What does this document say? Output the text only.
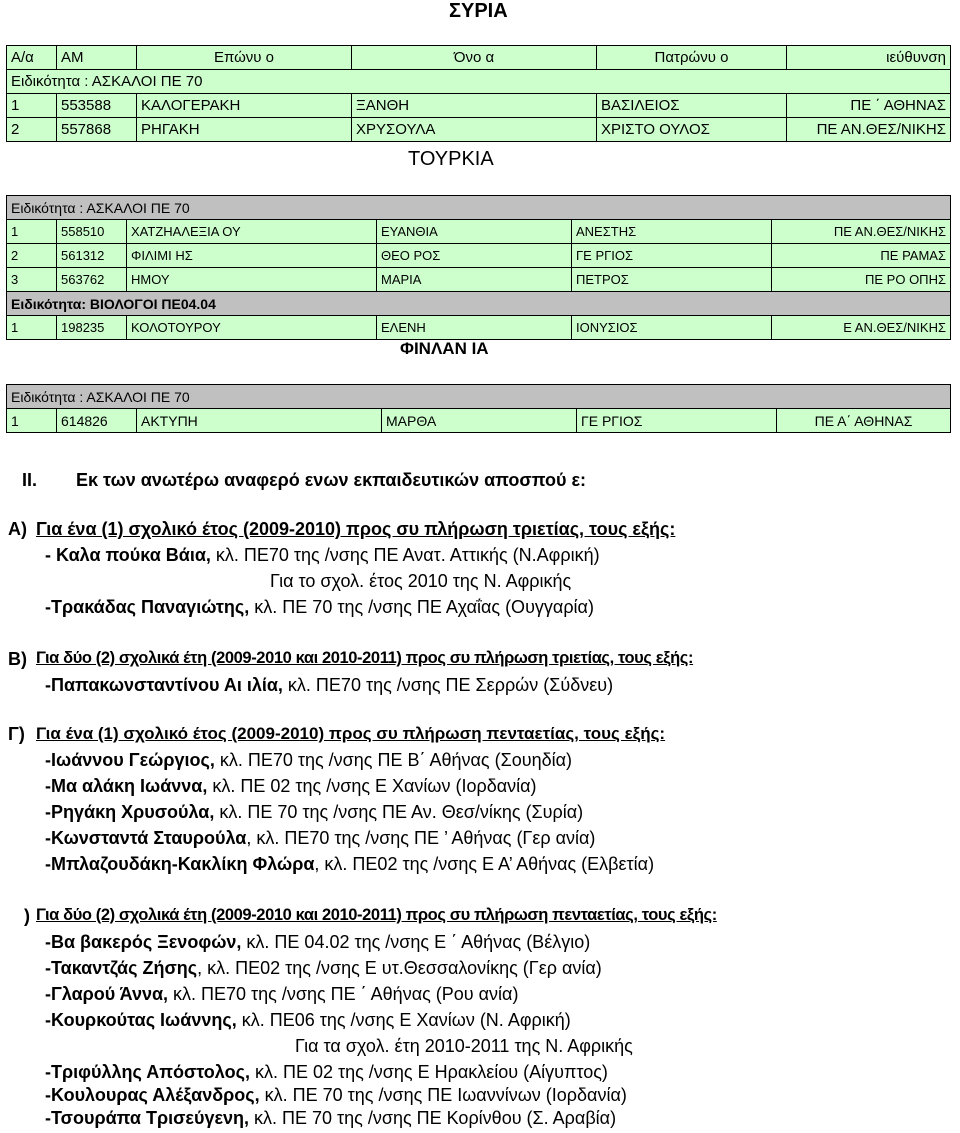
ΣΥΡΙΑ
Α/α	ΑΜ	Επώνυ ο	Όνο α	Πατρώνυ ο	ιεύθυνση
Ειδικότητα : ΑΣΚΑΛΟΙ ΠΕ 70					
1	553588	ΚΑΛΟΓΕΡΑΚΗ	ΞΑΝΘΗ	ΒΑΣΙΛΕΙΟΣ	ΠΕ ΄ ΑΘΗΝΑΣ
2	557868	ΡΗΓΑΚΗ	ΧΡΥΣΟΥΛΑ	ΧΡΙΣΤΟ ΟΥΛΟΣ	ΠΕ ΑΝ.ΘΕΣ/ΝΙΚΗΣ
ΤΟΥΡΚΙΑ
Ειδικότητα : ΑΣΚΑΛΟΙ ΠΕ 70					
1	558510	ΧΑΤΖΗΑΛΕΞΙΑ ΟΥ	ΕΥΑΝΘΙΑ	ΑΝΕΣΤΗΣ	ΠΕ ΑΝ.ΘΕΣ/ΝΙΚΗΣ
2	561312	ΦΙΛΙΜΙ ΗΣ	ΘΕΟ ΡΟΣ	ΓΕ ΡΓΙΟΣ	ΠΕ ΡΑΜΑΣ
3	563762	ΗΜΟΥ	ΜΑΡΙΑ	ΠΕΤΡΟΣ	ΠΕ ΡΟ ΟΠΗΣ
Ειδικότητα: ΒΙΟΛΟΓΟΙ ΠΕ04.04					
1	198235	ΚΟΛΟΤΟΥΡΟΥ	ΕΛΕΝΗ	ΙΟΝΥΣΙΟΣ	Ε ΑΝ.ΘΕΣ/ΝΙΚΗΣ
ΦΙΝΛΑΝ ΙΑ
Ειδικότητα : ΑΣΚΑΛΟΙ ΠΕ 70
1	614826	ΑΚΤΥΠΗ	ΜΑΡΘΑ	ΓΕ ΡΓΙΟΣ	ΠΕ Α΄ ΑΘΗΝΑΣ
ΙΙ. Εκ των ανωτέρω αναφερό ενων εκπαιδευτικών αποσπού ε:
Α) Για ένα (1) σχολικό έτος (2009-2010) προς συ πλήρωση τριετίας, τους εξής:
- Καλα πούκα Βάια, κλ. ΠΕ70 της /νσης ΠΕ Ανατ. Αττικής (Ν.Αφρική)
Για το σχολ. έτος 2010 της Ν. Αφρικής
-Τρακάδας Παναγιώτης, κλ. ΠΕ 70 της /νσης ΠΕ Αχαΐας (Ουγγαρία)
Β) Για δύο (2) σχολικά έτη (2009-2010 και 2010-2011) προς συ πλήρωση τριετίας, τους εξής:
-Παπακωνσταντίνου Αι ιλία, κλ. ΠΕ70 της /νσης ΠΕ Σερρών (Σύδνευ)
Γ) Για ένα (1) σχολικό έτος (2009-2010) προς συ πλήρωση πενταετίας, τους εξής:
-Ιωάννου Γεώργιος, κλ. ΠΕ70 της /νσης ΠΕ Β΄ Αθήνας (Σουηδία)
-Μα αλάκη Ιωάννα, κλ. ΠΕ 02 της /νσης Ε Χανίων (Ιορδανία)
-Ρηγάκη Χρυσούλα, κλ. ΠΕ 70 της /νσης ΠΕ Αν. Θεσ/νίκης (Συρία)
-Κωνσταντά Σταυρούλα, κλ. ΠΕ70 της /νσης ΠΕ ’ Αθήνας (Γερ ανία)
-Μπλαζουδάκη-Κακλίκη Φλώρα, κλ. ΠΕ02 της /νσης Ε Α’ Αθήνας (Ελβετία)
) Για δύο (2) σχολικά έτη (2009-2010 και 2010-2011) προς συ πλήρωση πενταετίας, τους εξής:
-Βα βακερός Ξενοφών, κλ. ΠΕ 04.02 της /νσης Ε ΄ Αθήνας (Βέλγιο)
-Τακαντζάς Ζήσης, κλ. ΠΕ02 της /νσης Ε υτ.Θεσσαλονίκης (Γερ ανία)
-Γλαρού Άννα, κλ. ΠΕ70 της /νσης ΠΕ ΄ Αθήνας (Ρου ανία)
-Κουρκούτας Ιωάννης, κλ. ΠΕ06 της /νσης Ε Χανίων (Ν. Αφρική)
Για τα σχολ. έτη 2010-2011 της Ν. Αφρικής
-Τριφύλλης Απόστολος, κλ. ΠΕ 02 της /νσης Ε Ηρακλείου (Αίγυπτος)
-Κουλουρας Αλέξανδρος, κλ. ΠΕ 70 της /νσης ΠΕ Ιωαννίνων (Ιορδανία)
-Τσουράπα Τρισεύγενη, κλ. ΠΕ 70 της /νσης ΠΕ Κορίνθου (Σ. Αραβία)
